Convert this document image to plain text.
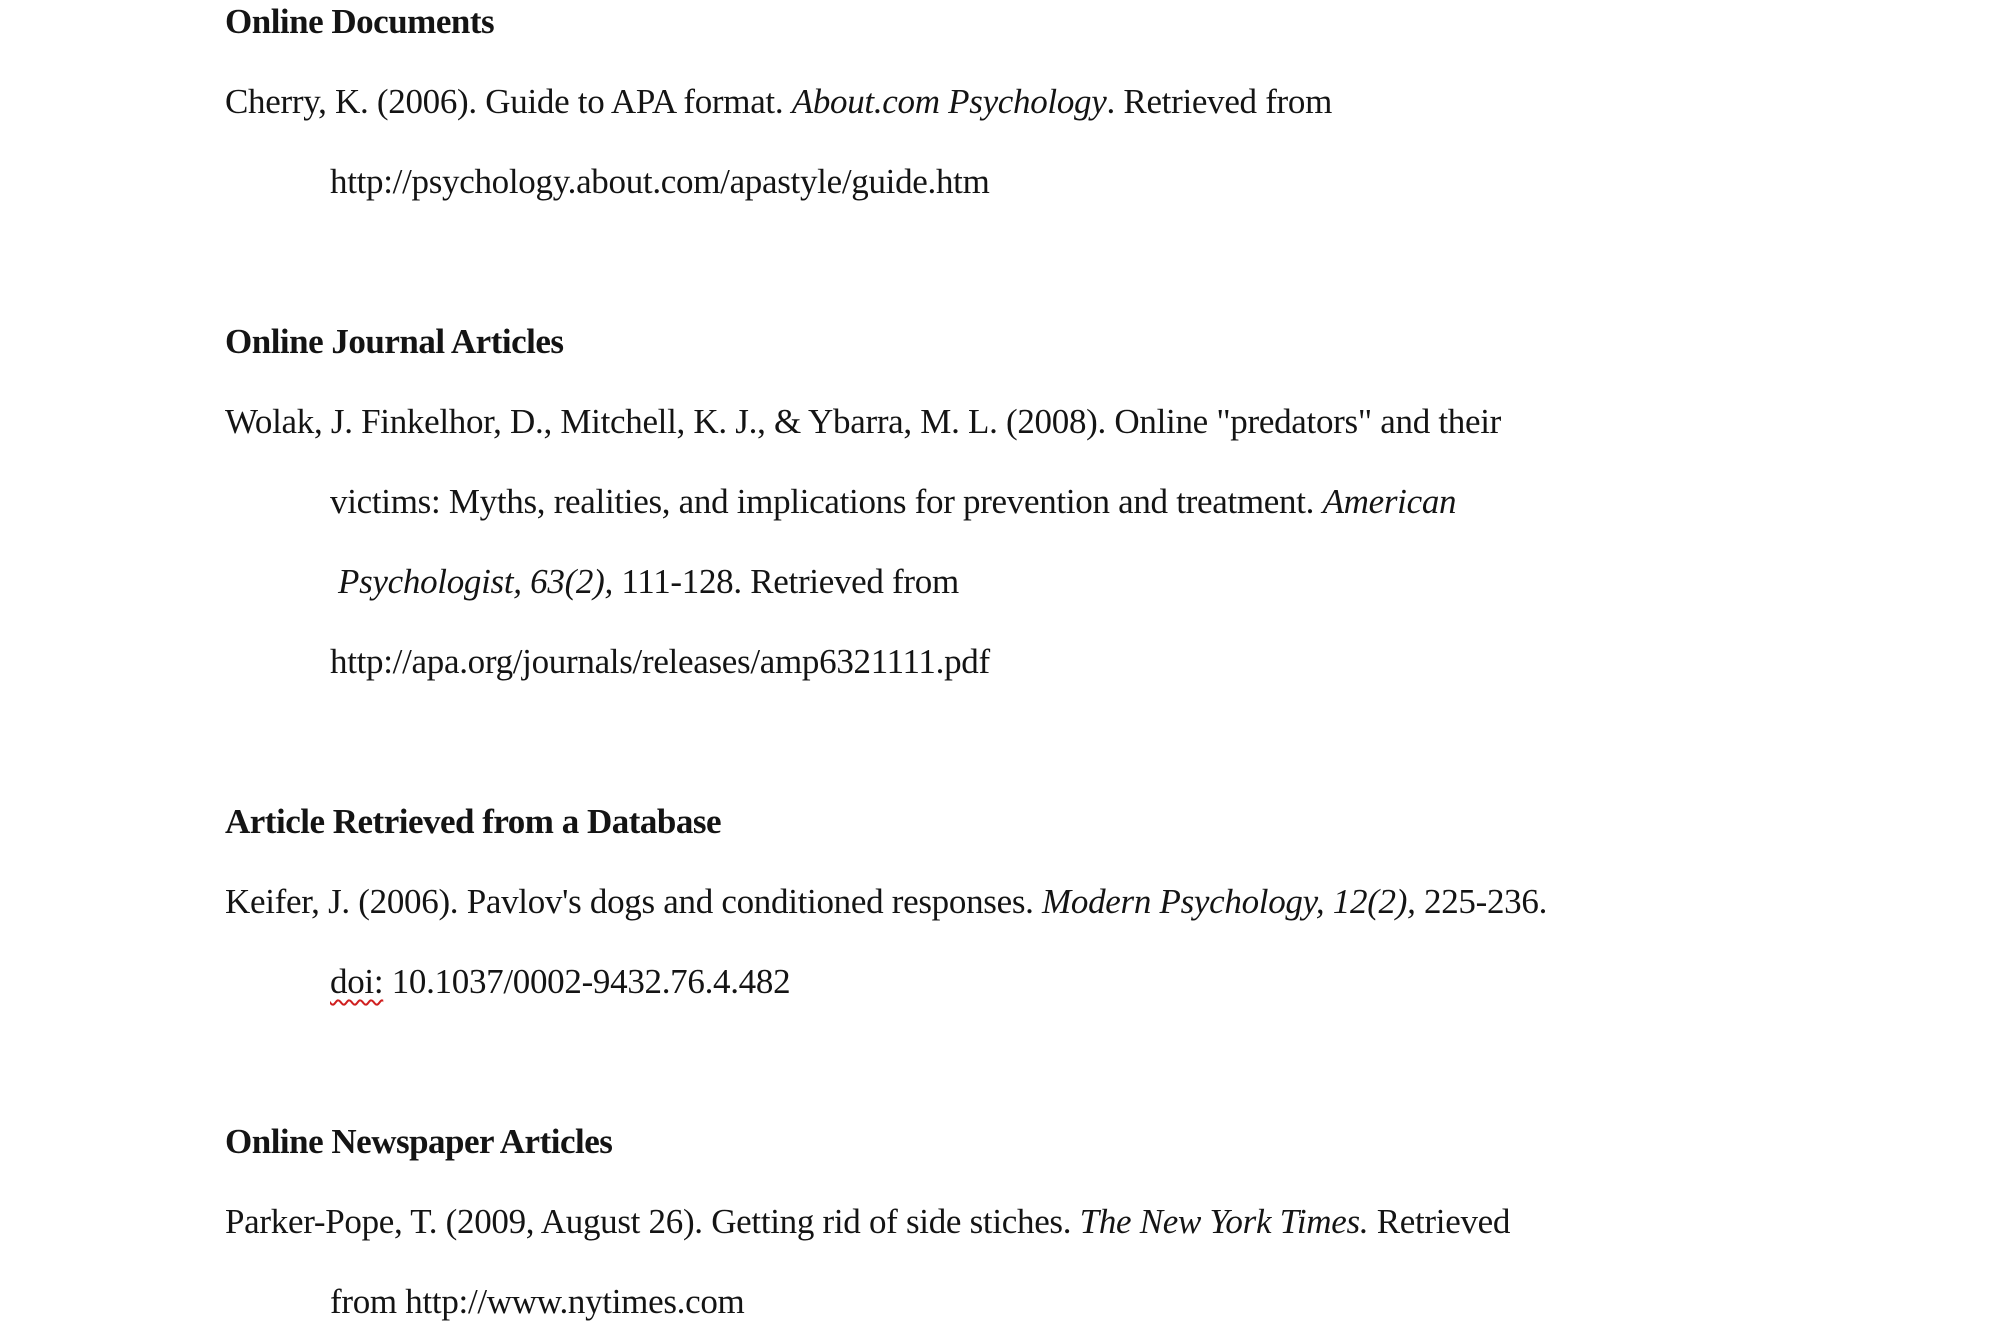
Online Documents
Cherry, K. (2006). Guide to APA format. About.com Psychology. Retrieved from
http://psychology.about.com/apastyle/guide.htm
Online Journal Articles
Wolak, J. Finkelhor, D., Mitchell, K. J., & Ybarra, M. L. (2008). Online "predators" and their
victims: Myths, realities, and implications for prevention and treatment. American
Psychologist, 63(2), 111-128. Retrieved from
http://apa.org/journals/releases/amp6321111.pdf
Article Retrieved from a Database
Keifer, J. (2006). Pavlov's dogs and conditioned responses. Modern Psychology, 12(2), 225-236.
doi: 10.1037/0002-9432.76.4.482
Online Newspaper Articles
Parker-Pope, T. (2009, August 26). Getting rid of side stiches. The New York Times. Retrieved
from http://www.nytimes.com
